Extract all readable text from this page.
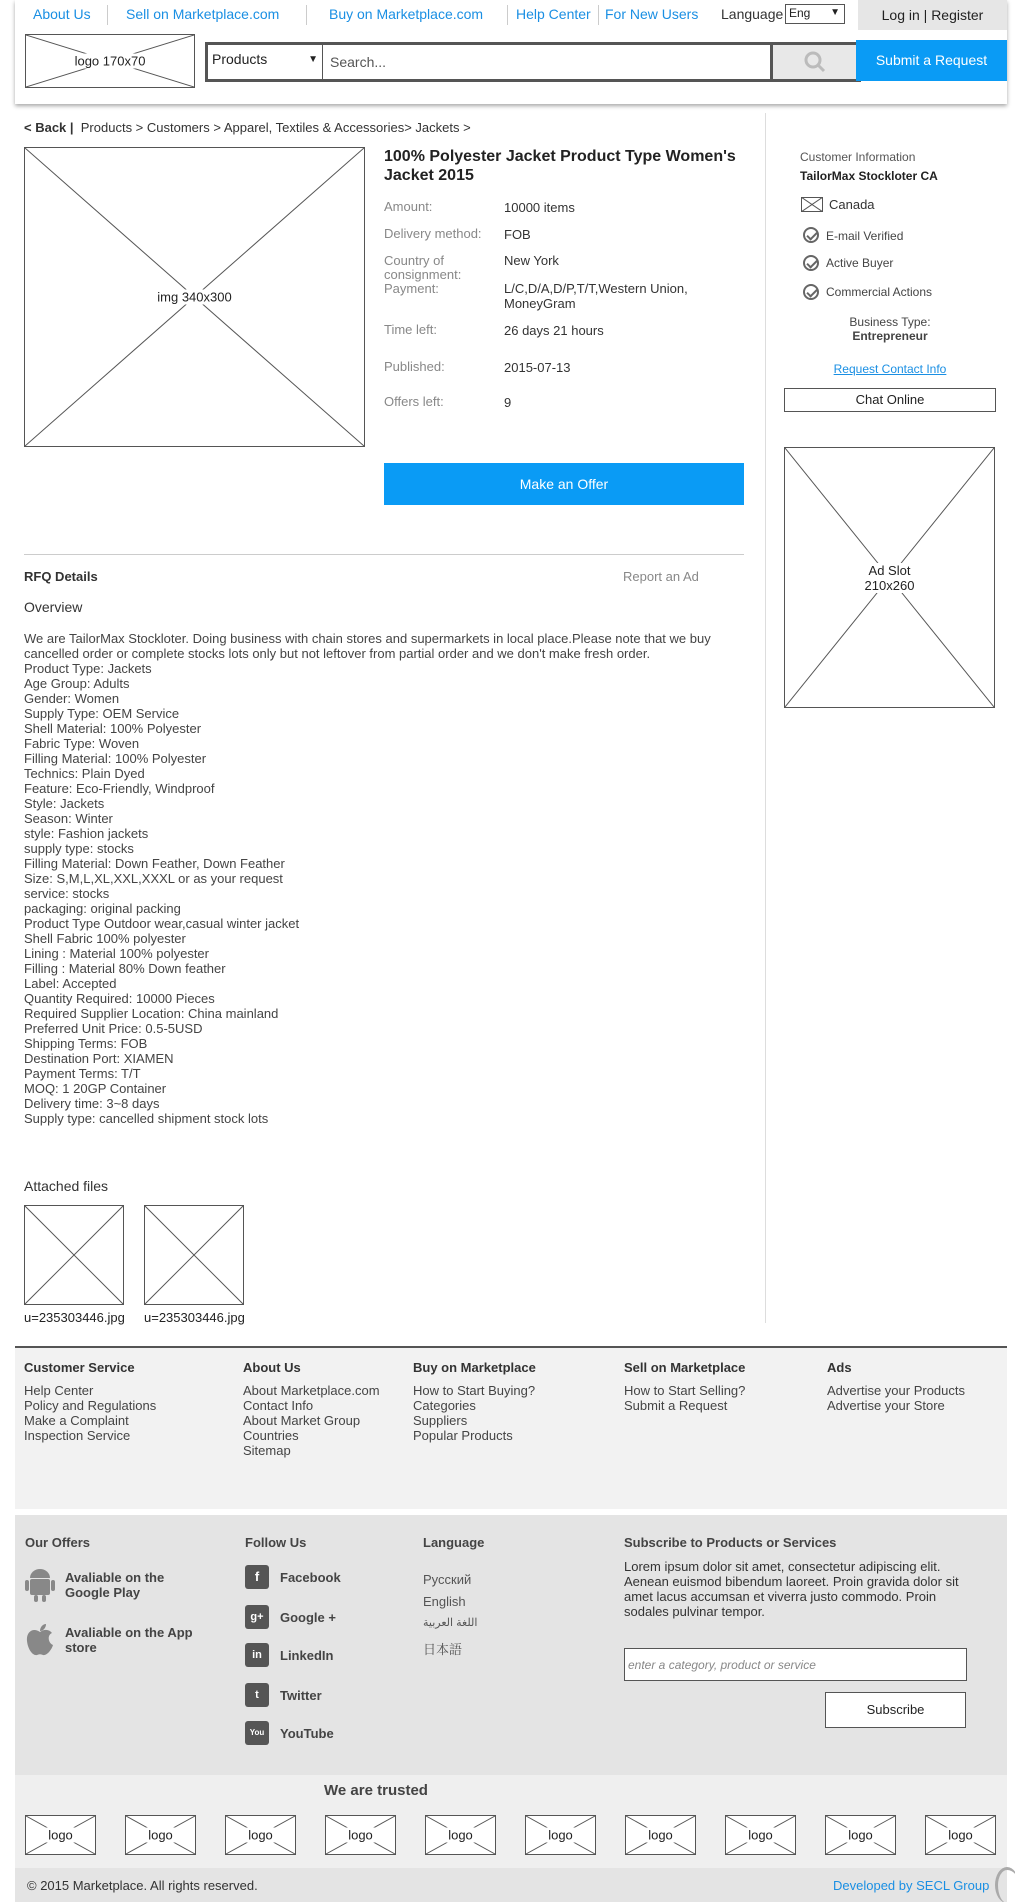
About Us	Sell on Marketplace.com	Buy on Marketplace.com Help Center For New Users Language Eng ▼	Log in | Register
logo 170x70	Products	▼ Search...	Submit a Request
< Back | Products > Customers > Apparel, Textiles & Accessories> Jackets >
img 340x300
100% Polyester Jacket Product Type Women's Jacket 2015
Amount:	10000 items
Delivery method:	FOB
Country of consignment:
New York
Payment:	L/C,D/A,D/P,T/T,Western Union, MoneyGram
Time left:	26 days 21 hours
Published:	2015-07-13
Offers left:	9
Make an Offer
RFQ Details	Report an Ad
Overview
We are TailorMax Stockloter. Doing business with chain stores and supermarkets in local place.Please note that we buy cancelled order or complete stocks lots only but not leftover from partial order and we don't make fresh order.
Product Type: Jackets
Age Group: Adults
Gender: Women
Supply Type: OEM Service
Shell Material: 100% Polyester
Fabric Type: Woven
Filling Material: 100% Polyester
Technics: Plain Dyed
Feature: Eco-Friendly, Windproof
Style: Jackets
Season: Winter
style: Fashion jackets
supply type: stocks
Filling Material: Down Feather, Down Feather
Size: S,M,L,XL,XXL,XXXL or as your request
service: stocks
packaging: original packing
Product Type Outdoor wear,casual winter jacket
Shell Fabric 100% polyester
Lining : Material 100% polyester
Filling : Material 80% Down feather
Label: Accepted
Quantity Required: 10000 Pieces
Required Supplier Location: China mainland
Preferred Unit Price: 0.5-5USD
Shipping Terms: FOB
Destination Port: XIAMEN
Payment Terms: T/T
MOQ: 1 20GP Container
Delivery time: 3~8 days
Supply type: cancelled shipment stock lots
Attached files
u=235303446.jpg u=235303446.jpg
Customer Information
TailorMax Stockloter CA
Canada
E-mail Verified
Active Buyer
Commercial Actions
Business Type:
Entrepreneur
Request Contact Info
Chat Online
Ad Slot
210x260
Customer Service
Help Center
Policy and Regulations
Make a Complaint
Inspection Service
About Us
About Marketplace.com
Contact Info
About Market Group
Countries
Sitemap
Buy on Marketplace
How to Start Buying?
Categories
Suppliers
Popular Products
Sell on Marketplace
How to Start Selling?
Submit a Request
Ads
Advertise your Products
Advertise your Store
Our Offers
Avaliable on the Google Play
Avaliable on the App store
Follow Us
f	Facebook
g+	Google +
in	LinkedIn
t	Twitter
You	YouTube
Language
Русский
English
اللغة العربية
日本語
Subscribe to Products or Services
Lorem ipsum dolor sit amet, consectetur adipiscing elit. Aenean euismod bibendum laoreet. Proin gravida dolor sit amet lacus accumsan et viverra justo commodo. Proin sodales pulvinar tempor.
enter a category, product or service
Subscribe
We are trusted
logo	logo	logo	logo	logo	logo	logo	logo	logo	logo
© 2015 Marketplace. All rights reserved.	Developed by SECL Group
